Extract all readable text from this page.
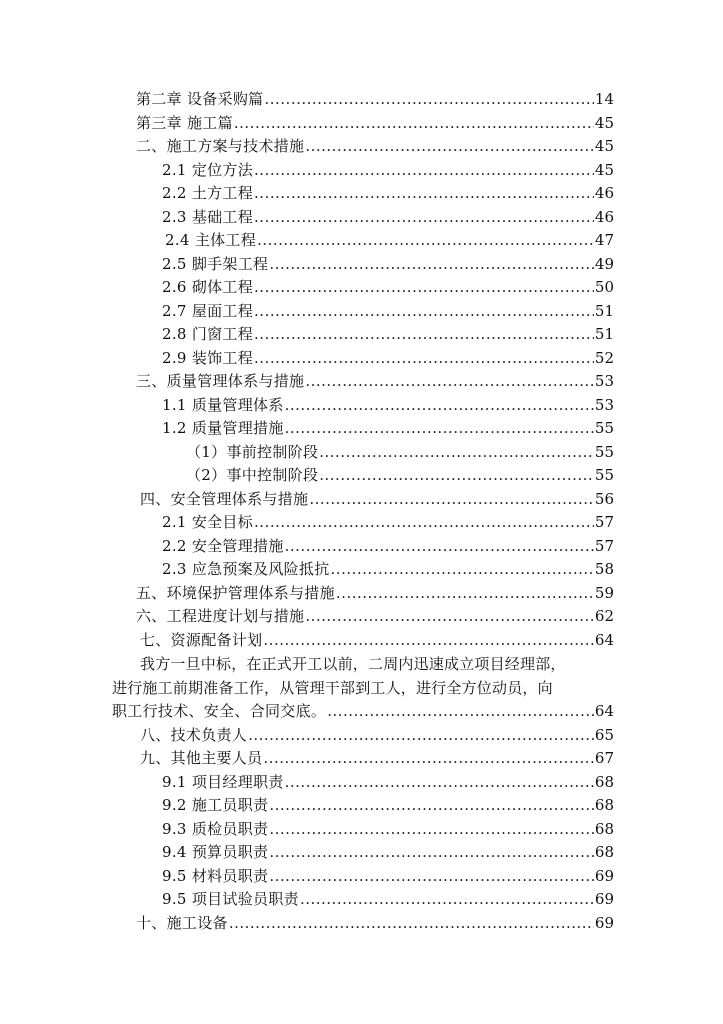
第二章 设备采购篇 .....	14
第三章 施工篇 .....	45
二、施工方案与技术措施 .....	45
2.1 定位方法 .....	45
2.2 土方工程 .....	46
2.3 基础工程 .....	46
2.4 主体工程 .....	47
2.5 脚手架工程 .....	49
2.6 砌体工程 .....	50
2.7 屋面工程 .....	51
2.8 门窗工程 .....	51
2.9 装饰工程 .....	52
三、质量管理体系与措施 .....	53
1.1 质量管理体系 .....	53
1.2 质量管理措施 .....	55
（1）事前控制阶段 .....	55
（2）事中控制阶段 .....	55
四、安全管理体系与措施 .....	56
2.1 安全目标 .....	57
2.2 安全管理措施 .....	57
2.3 应急预案及风险抵抗 .....	58
五、环境保护管理体系与措施 .....	59
六、工程进度计划与措施 .....	62
七、资源配备计划 .....	64
我方一旦中标，在正式开工以前，二周内迅速成立项目经理部，
进行施工前期准备工作，从管理干部到工人，进行全方位动员，向
职工行技术、安全、合同交底。 .....	64
八、技术负责人 .....	65
九、其他主要人员 .....	67
9.1 项目经理职责 .....	68
9.2 施工员职责 .....	68
9.3 质检员职责 .....	68
9.4 预算员职责 .....	68
9.5 材料员职责 .....	69
9.5 项目试验员职责 .....	69
十、施工设备 .....	69
